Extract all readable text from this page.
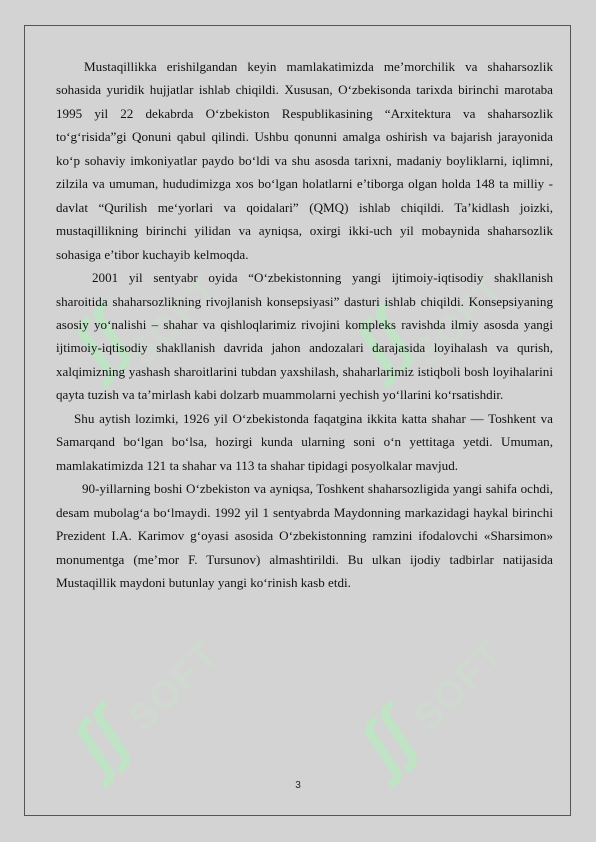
ʃʃ
SOFT ʃʃ
SOFT
ʃʃ
SOFT
ʃʃ
SOFT

Mustaqillikka erishilgandan keyin mamlakatimizda me’morchilik va shaharsozlik sohasida yuridik hujjatlar ishlab chiqildi. Xususan, O‘zbekisonda tarixda birinchi marotaba 1995 yil 22 dekabrda O‘zbekiston Respublikasining “Arxitektura va shaharsozlik to‘g‘risida”gi Qonuni qabul qilindi. Ushbu qonunni amalga oshirish va bajarish jarayonida ko‘p sohaviy imkoniyatlar paydo bo‘ldi va shu asosda tarixni, madaniy boyliklarni, iqlimni, zilzila va umuman, hududimizga xos bo‘lgan holatlarni e’tiborga olgan holda 148 ta milliy - davlat “Qurilish me‘yorlari va qoidalari” (QMQ) ishlab chiqildi. Ta’kidlash joizki, mustaqillikning birinchi yilidan va ayniqsa, oxirgi ikki-uch yil mobaynida shaharsozlik sohasiga e’tibor kuchayib kelmoqda.

2001 yil sentyabr oyida “O‘zbekistonning yangi ijtimoiy-iqtisodiy shakllanish sharoitida shaharsozlikning rivojlanish konsepsiyasi” dasturi ishlab chiqildi. Konsepsiyaning asosiy yo‘nalishi – shahar va qishloqlarimiz rivojini kompleks ravishda ilmiy asosda yangi ijtimoiy-iqtisodiy shakllanish davrida jahon andozalari darajasida loyihalash va qurish, xalqimizning yashash sharoitlarini tubdan yaxshilash, shaharlarimiz istiqboli bosh loyihalarini qayta tuzish va ta’mirlash kabi dolzarb muammolarni yechish yo‘llarini ko‘rsatishdir.

Shu aytish lozimki, 1926 yil O‘zbekistonda faqatgina ikkita katta shahar — Toshkent va Samarqand bo‘lgan bo‘lsa, hozirgi kunda ularning soni o‘n yettitaga yetdi. Umuman, mamlakatimizda 121 ta shahar va 113 ta shahar tipidagi posyolkalar mavjud.

90-yillarning boshi O‘zbekiston va ayniqsa, Toshkent shaharsozligida yangi sahifa ochdi, desam mubolag‘a bo‘lmaydi. 1992 yil 1 sentyabrda Maydonning markazidagi haykal birinchi Prezident I.A. Karimov g‘oyasi asosida O‘zbekistonning ramzini ifodalovchi «Sharsimon» monumentga (me’mor F. Tursunov) almashtirildi. Bu ulkan ijodiy tadbirlar natijasida Mustaqillik maydoni butunlay yangi ko‘rinish kasb etdi.

3
